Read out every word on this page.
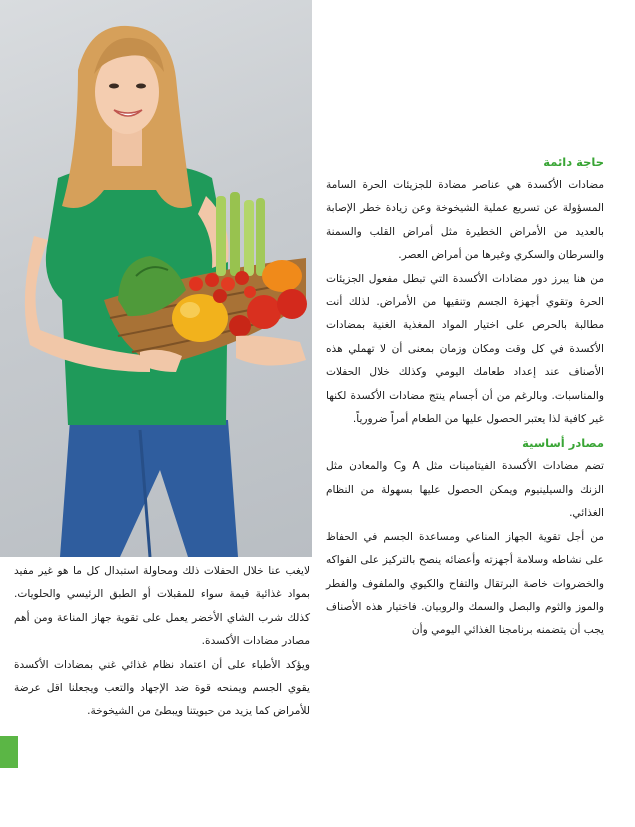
حاجة دائمة

مضادات الأكسدة هي عناصر مضادة للجزيئات الحرة السامة المسؤولة عن تسريع عملية الشيخوخة وعن زيادة خطر الإصابة بالعديد من الأمراض الخطيرة مثل أمراض القلب والسمنة والسرطان والسكري وغيرها من أمراض العصر.

من هنا يبرز دور مضادات الأكسدة التي تبطل مفعول الجزيئات الحرة وتقوي أجهزة الجسم وتنقيها من الأمراض. لذلك أنت مطالبة بالحرص على اختيار المواد المغذية الغنية بمضادات الأكسدة في كل وقت ومكان وزمان بمعنى أن لا تهملي هذه الأصناف عند إعداد طعامك اليومي وكذلك خلال الحفلات والمناسبات. وبالرغم من أن أجسام ينتج مضادات الأكسدة لكنها غير كافية لذا يعتبر الحصول عليها من الطعام أمراً ضرورياً.

مصادر أساسية

تضم مضادات الأكسدة الفيتامينات مثل A وC والمعادن مثل الزنك والسيلينيوم ويمكن الحصول عليها بسهولة من النظام الغذائي.

من أجل تقوية الجهاز المناعي ومساعدة الجسم في الحفاظ على نشاطه وسلامة أجهزته وأعضائه ينصح بالتركيز على الفواكه والخضروات خاصة البرتقال والتفاح والكيوي والملفوف والفطر والموز والثوم والبصل والسمك والروبيان. فاختيار هذه الأصناف يجب أن يتضمنه برنامجنا الغذائي اليومي وأن

لايغب عنا خلال الحفلات ذلك ومحاولة استبدال كل ما هو غير مفيد بمواد غذائية قيمة سواء للمقبلات أو الطبق الرئيسي والحلويات. كذلك شرب الشاي الأخضر يعمل على تقوية جهاز المناعة ومن أهم مصادر مضادات الأكسدة.

ويؤكد الأطباء على أن اعتماد نظام غذائي غني بمضادات الأكسدة يقوي الجسم ويمنحه قوة ضد الإجهاد والتعب ويجعلنا اقل عرضة للأمراض كما يزيد من حيويتنا ويبطئ من الشيخوخة.
